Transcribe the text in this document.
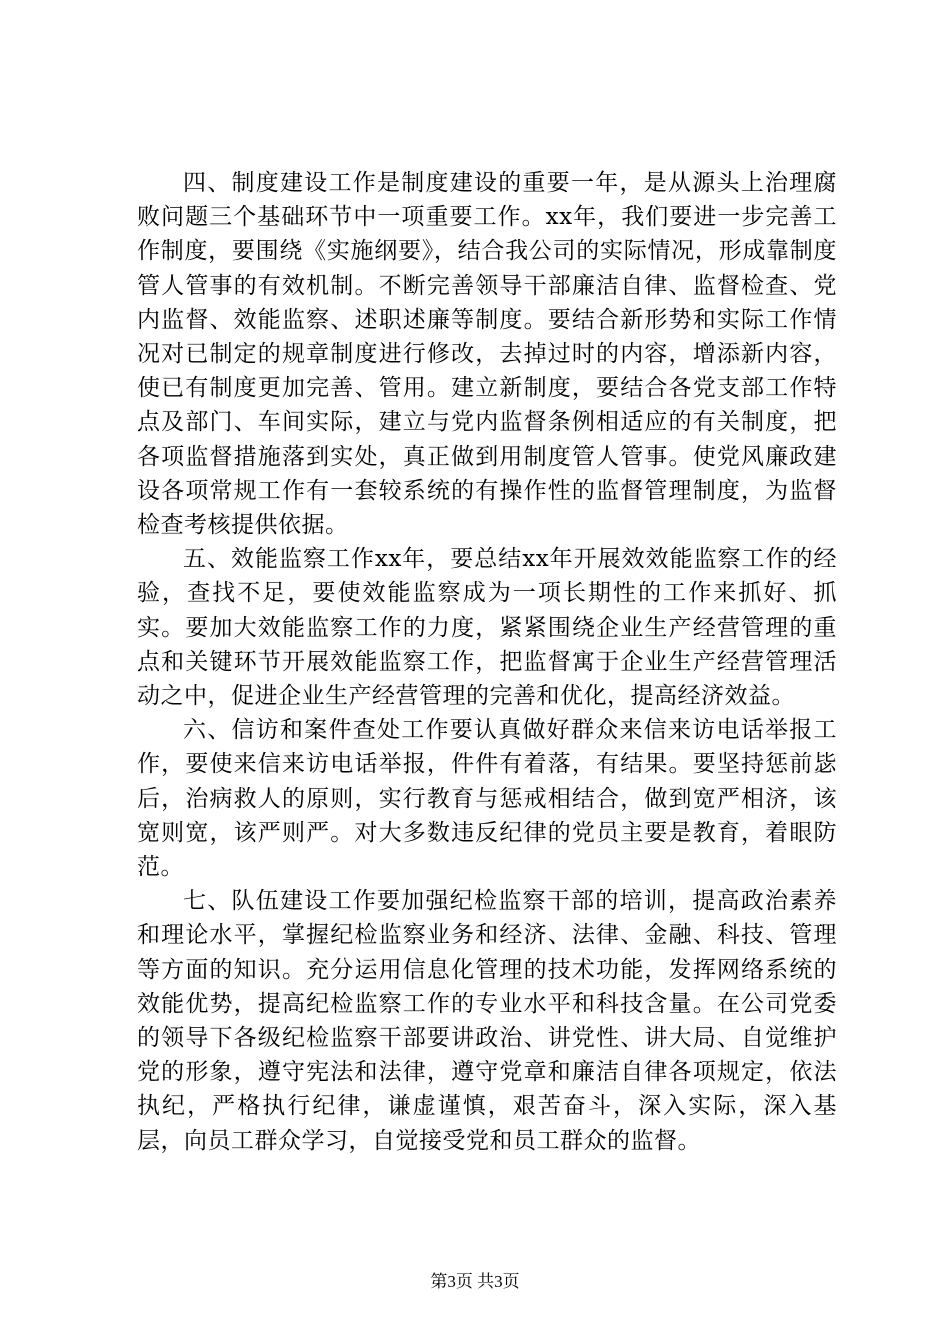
四、制度建设工作是制度建设的重要一年，是从源头上治理腐败问题三个基础环节中一项重要工作。xx年，我们要进一步完善工作制度，要围绕《实施纲要》，结合我公司的实际情况，形成靠制度管人管事的有效机制。不断完善领导干部廉洁自律、监督检查、党内监督、效能监察、述职述廉等制度。要结合新形势和实际工作情况对已制定的规章制度进行修改，去掉过时的内容，增添新内容，使已有制度更加完善、管用。建立新制度，要结合各党支部工作特点及部门、车间实际，建立与党内监督条例相适应的有关制度，把各项监督措施落到实处，真正做到用制度管人管事。使党风廉政建设各项常规工作有一套较系统的有操作性的监督管理制度，为监督检查考核提供依据。

五、效能监察工作xx年，要总结xx年开展效效能监察工作的经验，查找不足，要使效能监察成为一项长期性的工作来抓好、抓实。要加大效能监察工作的力度，紧紧围绕企业生产经营管理的重点和关键环节开展效能监察工作，把监督寓于企业生产经营管理活动之中，促进企业生产经营管理的完善和优化，提高经济效益。

六、信访和案件查处工作要认真做好群众来信来访电话举报工作，要使来信来访电话举报，件件有着落，有结果。要坚持惩前毖后，治病救人的原则，实行教育与惩戒相结合，做到宽严相济，该宽则宽，该严则严。对大多数违反纪律的党员主要是教育，着眼防范。

七、队伍建设工作要加强纪检监察干部的培训，提高政治素养和理论水平，掌握纪检监察业务和经济、法律、金融、科技、管理等方面的知识。充分运用信息化管理的技术功能，发挥网络系统的效能优势，提高纪检监察工作的专业水平和科技含量。在公司党委的领导下各级纪检监察干部要讲政治、讲党性、讲大局、自觉维护党的形象，遵守宪法和法律，遵守党章和廉洁自律各项规定，依法执纪，严格执行纪律，谦虚谨慎，艰苦奋斗，深入实际，深入基层，向员工群众学习，自觉接受党和员工群众的监督。

第3页 共3页
